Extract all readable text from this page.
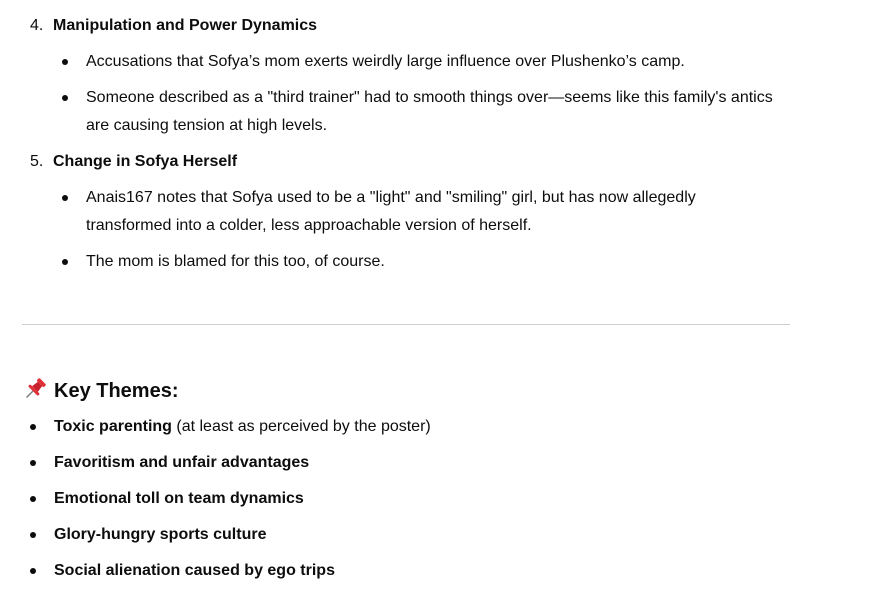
4. Manipulation and Power Dynamics
Accusations that Sofya’s mom exerts weirdly large influence over Plushenko’s camp.
Someone described as a "third trainer" had to smooth things over—seems like this family's antics are causing tension at high levels.
5. Change in Sofya Herself
Anais167 notes that Sofya used to be a "light" and "smiling" girl, but has now allegedly transformed into a colder, less approachable version of herself.
The mom is blamed for this too, of course.
Key Themes:
Toxic parenting (at least as perceived by the poster)
Favoritism and unfair advantages
Emotional toll on team dynamics
Glory-hungry sports culture
Social alienation caused by ego trips
